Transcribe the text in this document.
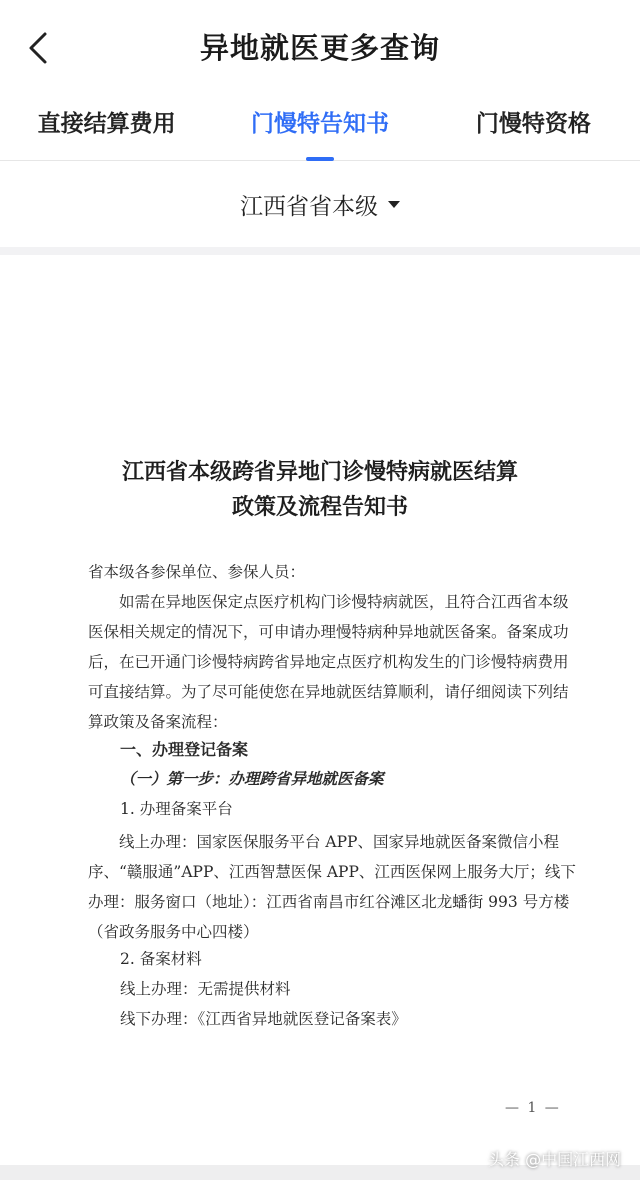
异地就医更多查询
直接结算费用	门慢特告知书	门慢特资格
江西省省本级
江西省本级跨省异地门诊慢特病就医结算
政策及流程告知书
省本级各参保单位、参保人员：
如需在异地医保定点医疗机构门诊慢特病就医，且符合江西省本级医保相关规定的情况下，可申请办理慢特病种异地就医备案。备案成功后，在已开通门诊慢特病跨省异地定点医疗机构发生的门诊慢特病费用可直接结算。为了尽可能使您在异地就医结算顺利，请仔细阅读下列结算政策及备案流程：
一、办理登记备案
（一）第一步：办理跨省异地就医备案
1. 办理备案平台
线上办理：国家医保服务平台 APP、国家异地就医备案微信小程序、“赣服通”APP、江西智慧医保 APP、江西医保网上服务大厅；线下办理：服务窗口（地址）：江西省南昌市红谷滩区北龙蟠街 993 号方楼（省政务服务中心四楼）
2. 备案材料
线上办理：无需提供材料
线下办理：《江西省异地就医登记备案表》
— 1 —
头条 @中国江西网
